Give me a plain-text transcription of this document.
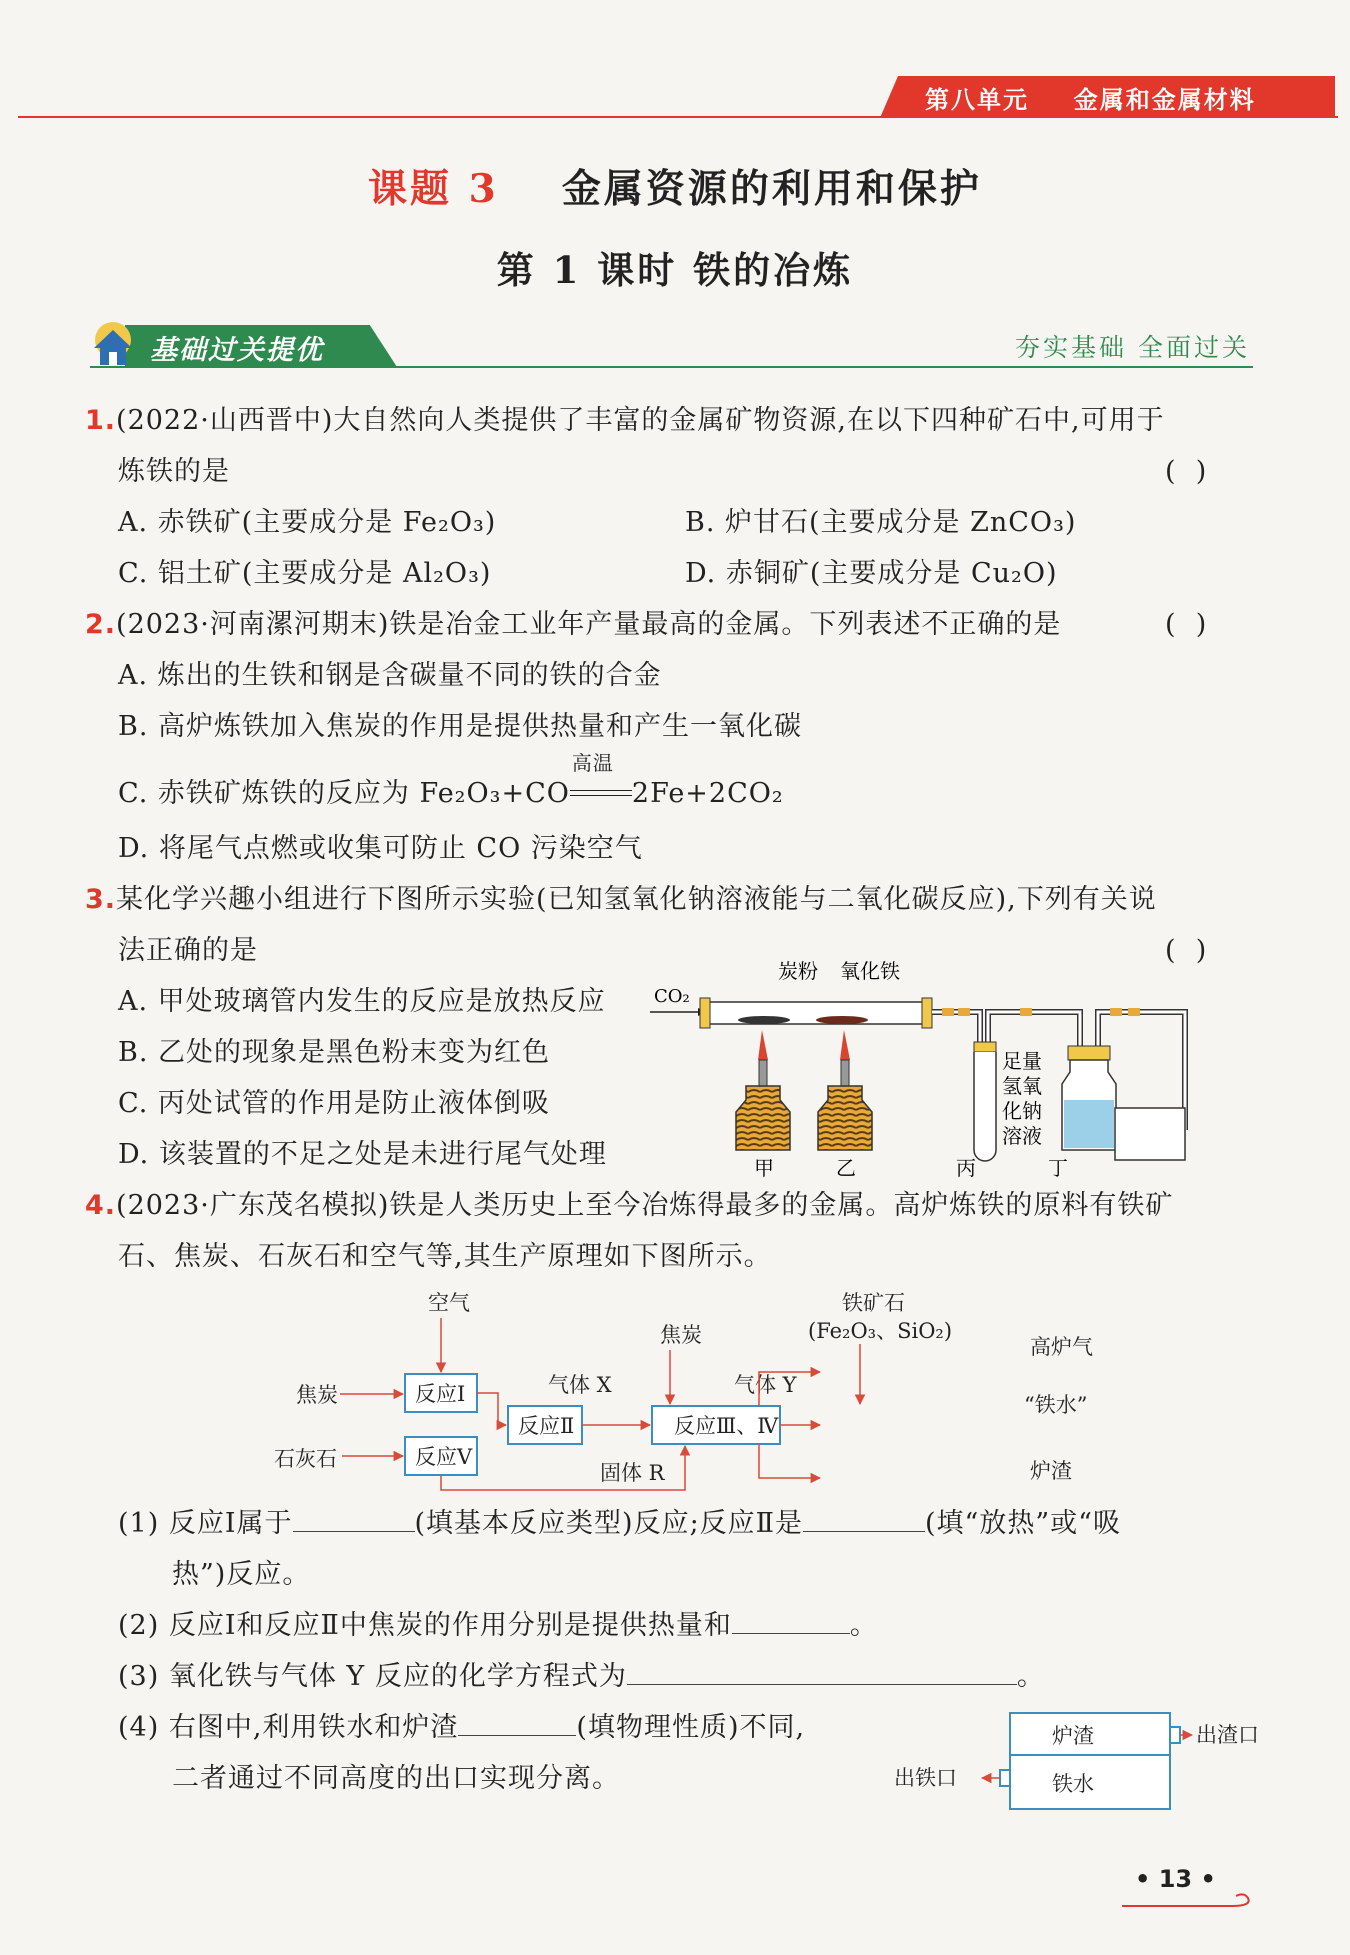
第八单元 金属和金属材料
课题 3 金属资源的利用和保护
第 1 课时 铁的冶炼
基础过关提优	夯实基础 全面过关
1.(2022·山西晋中)大自然向人类提供了丰富的金属矿物资源,在以下四种矿石中,可用于
炼铁的是	(  )
A. 赤铁矿(主要成分是 Fe₂O₃)	B. 炉甘石(主要成分是 ZnCO₃)
C. 铝土矿(主要成分是 Al₂O₃)	D. 赤铜矿(主要成分是 Cu₂O)
2.(2023·河南漯河期末)铁是冶金工业年产量最高的金属。下列表述不正确的是	(  )
A. 炼出的生铁和钢是含碳量不同的铁的合金
B. 高炉炼铁加入焦炭的作用是提供热量和产生一氧化碳
C. 赤铁矿炼铁的反应为 Fe₂O₃+CO
高温
2Fe+2CO₂
D. 将尾气点燃或收集可防止 CO 污染空气
3.某化学兴趣小组进行下图所示实验(已知氢氧化钠溶液能与二氧化碳反应),下列有关说
法正确的是	(  )
A. 甲处玻璃管内发生的反应是放热反应
B. 乙处的现象是黑色粉末变为红色
C. 丙处试管的作用是防止液体倒吸
D. 该装置的不足之处是未进行尾气处理
CO₂
炭粉 氧化铁
足量
氢氧
化钠
溶液
甲	乙	丙	丁
4.(2023·广东茂名模拟)铁是人类历史上至今冶炼得最多的金属。高炉炼铁的原料有铁矿
石、焦炭、石灰石和空气等,其生产原理如下图所示。
空气
焦炭
石灰石
气体 X
焦炭
气体 Y
铁矿石
(Fe₂O₃、SiO₂)
高炉气
“铁水”
炉渣
固体 R
反应Ⅰ
反应Ⅴ
反应Ⅱ	反应Ⅲ、Ⅳ
(1) 反应Ⅰ属于	(填基本反应类型)反应;反应Ⅱ是	(填“放热”或“吸
热”)反应。
(2) 反应Ⅰ和反应Ⅱ中焦炭的作用分别是提供热量和	。
(3) 氧化铁与气体 Y 反应的化学方程式为	。
(4) 右图中,利用铁水和炉渣	(填物理性质)不同,
二者通过不同高度的出口实现分离。
炉渣
铁水
出铁口
出渣口
• 13 •
